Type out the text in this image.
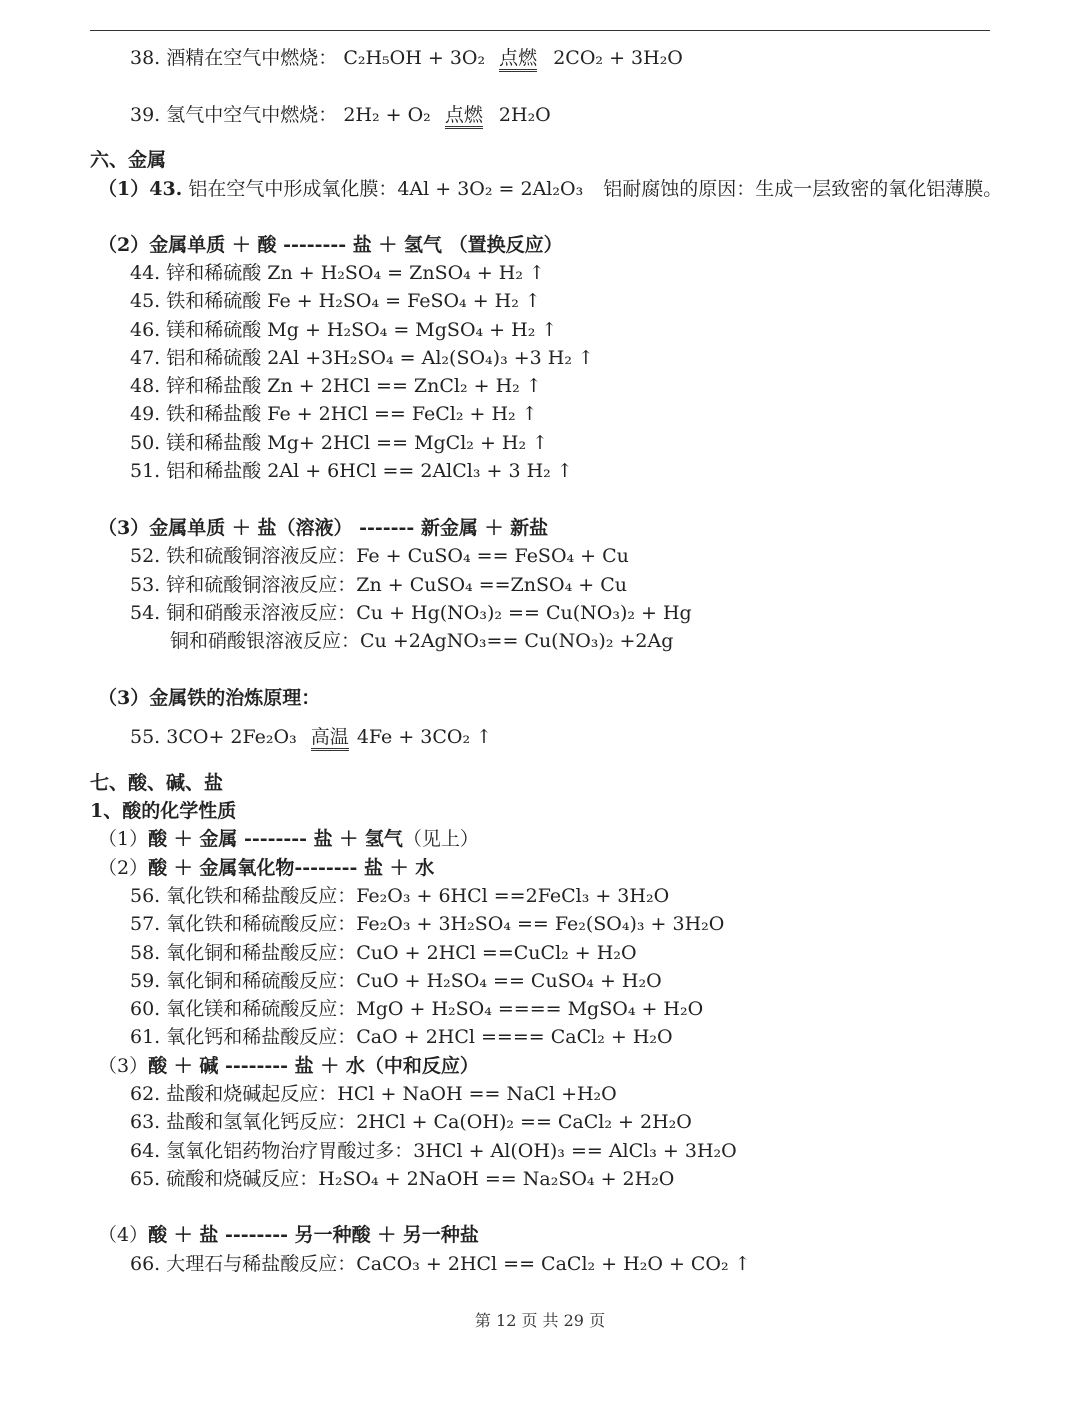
38. 酒精在空气中燃烧： C₂H₅OH + 3O₂ 点燃 2CO₂ + 3H₂O
39. 氢气中空气中燃烧： 2H₂ + O₂ 点燃 2H₂O
六、金属
（1）43. 铝在空气中形成氧化膜：4Al + 3O₂ = 2Al₂O₃ 铝耐腐蚀的原因：生成一层致密的氧化铝薄膜。
（2）金属单质 ＋ 酸 -------- 盐 ＋ 氢气 （置换反应）
44. 锌和稀硫酸 Zn + H₂SO₄ = ZnSO₄ + H₂ ↑
45. 铁和稀硫酸 Fe + H₂SO₄ = FeSO₄ + H₂ ↑
46. 镁和稀硫酸 Mg + H₂SO₄ = MgSO₄ + H₂ ↑
47. 铝和稀硫酸 2Al +3H₂SO₄ = Al₂(SO₄)₃ +3 H₂ ↑
48. 锌和稀盐酸 Zn + 2HCl == ZnCl₂ + H₂ ↑
49. 铁和稀盐酸 Fe + 2HCl == FeCl₂ + H₂ ↑
50. 镁和稀盐酸 Mg+ 2HCl == MgCl₂ + H₂ ↑
51. 铝和稀盐酸 2Al + 6HCl == 2AlCl₃ + 3 H₂ ↑
（3）金属单质 ＋ 盐（溶液） ------- 新金属 ＋ 新盐
52. 铁和硫酸铜溶液反应：Fe + CuSO₄ == FeSO₄ + Cu
53. 锌和硫酸铜溶液反应：Zn + CuSO₄ ==ZnSO₄ + Cu
54. 铜和硝酸汞溶液反应：Cu + Hg(NO₃)₂ == Cu(NO₃)₂ + Hg
铜和硝酸银溶液反应：Cu +2AgNO₃== Cu(NO₃)₂ +2Ag
（3）金属铁的治炼原理：
55. 3CO+ 2Fe₂O₃ 高温 4Fe + 3CO₂ ↑
七、酸、碱、盐
1、酸的化学性质
（1）酸 ＋ 金属 -------- 盐 ＋ 氢气（见上）
（2）酸 ＋ 金属氧化物-------- 盐 ＋ 水
56. 氧化铁和稀盐酸反应：Fe₂O₃ + 6HCl ==2FeCl₃ + 3H₂O
57. 氧化铁和稀硫酸反应：Fe₂O₃ + 3H₂SO₄ == Fe₂(SO₄)₃ + 3H₂O
58. 氧化铜和稀盐酸反应：CuO + 2HCl ==CuCl₂ + H₂O
59. 氧化铜和稀硫酸反应：CuO + H₂SO₄ == CuSO₄ + H₂O
60. 氧化镁和稀硫酸反应：MgO + H₂SO₄ ==== MgSO₄ + H₂O
61. 氧化钙和稀盐酸反应：CaO + 2HCl ==== CaCl₂ + H₂O
（3）酸 ＋ 碱 -------- 盐 ＋ 水（中和反应）
62. 盐酸和烧碱起反应：HCl + NaOH == NaCl +H₂O
63. 盐酸和氢氧化钙反应：2HCl + Ca(OH)₂ == CaCl₂ + 2H₂O
64. 氢氧化铝药物治疗胃酸过多：3HCl + Al(OH)₃ == AlCl₃ + 3H₂O
65. 硫酸和烧碱反应：H₂SO₄ + 2NaOH == Na₂SO₄ + 2H₂O
（4）酸 ＋ 盐 -------- 另一种酸 ＋ 另一种盐
66. 大理石与稀盐酸反应：CaCO₃ + 2HCl == CaCl₂ + H₂O + CO₂ ↑
第 12 页 共 29 页
